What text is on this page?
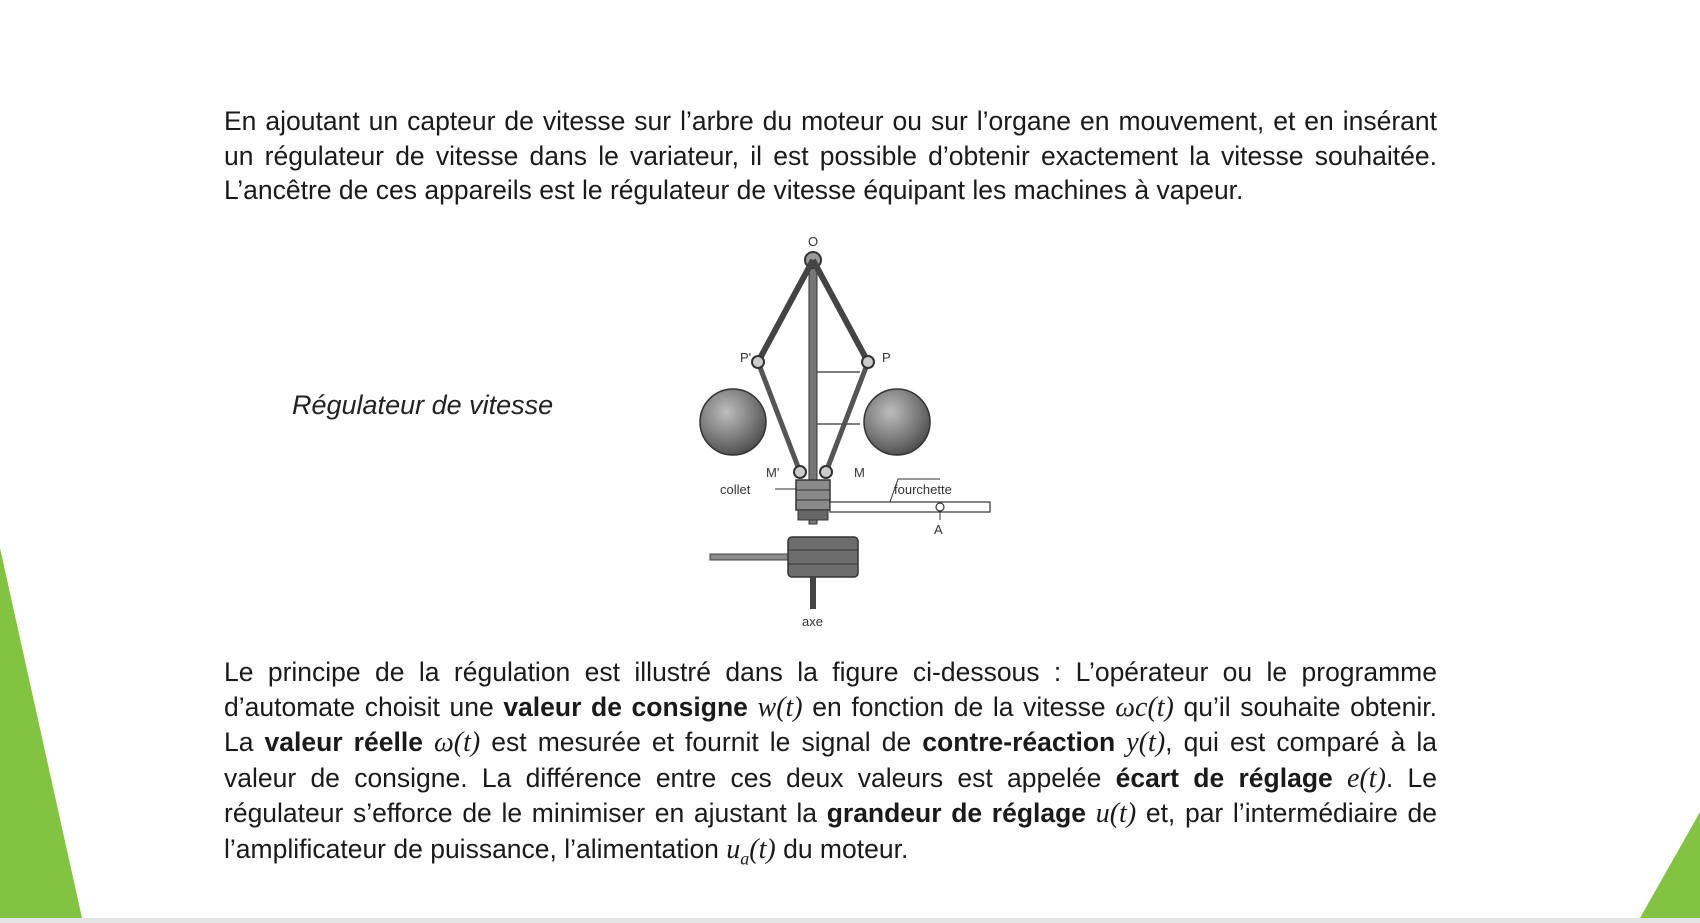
En ajoutant un capteur de vitesse sur l’arbre du moteur ou sur l’organe en mouvement, et en insérant un régulateur de vitesse dans le variateur, il est possible d’obtenir exactement la vitesse souhaitée. L’ancêtre de ces appareils est le régulateur de vitesse équipant les machines à vapeur.

Régulateur de vitesse
O
P'	P
M'	M
collet	fourchette
A
axe

Le principe de la régulation est illustré dans la figure ci-dessous : L’opérateur ou le programme d’automate choisit une valeur de consigne w(t) en fonction de la vitesse ωc(t) qu’il souhaite obtenir. La valeur réelle ω(t) est mesurée et fournit le signal de contre-réaction y(t), qui est comparé à la valeur de consigne. La différence entre ces deux valeurs est appelée écart de réglage e(t). Le régulateur s’efforce de le minimiser en ajustant la grandeur de réglage u(t) et, par l’intermédiaire de l’amplificateur de puissance, l’alimentation $u_a(t)$ du moteur.
